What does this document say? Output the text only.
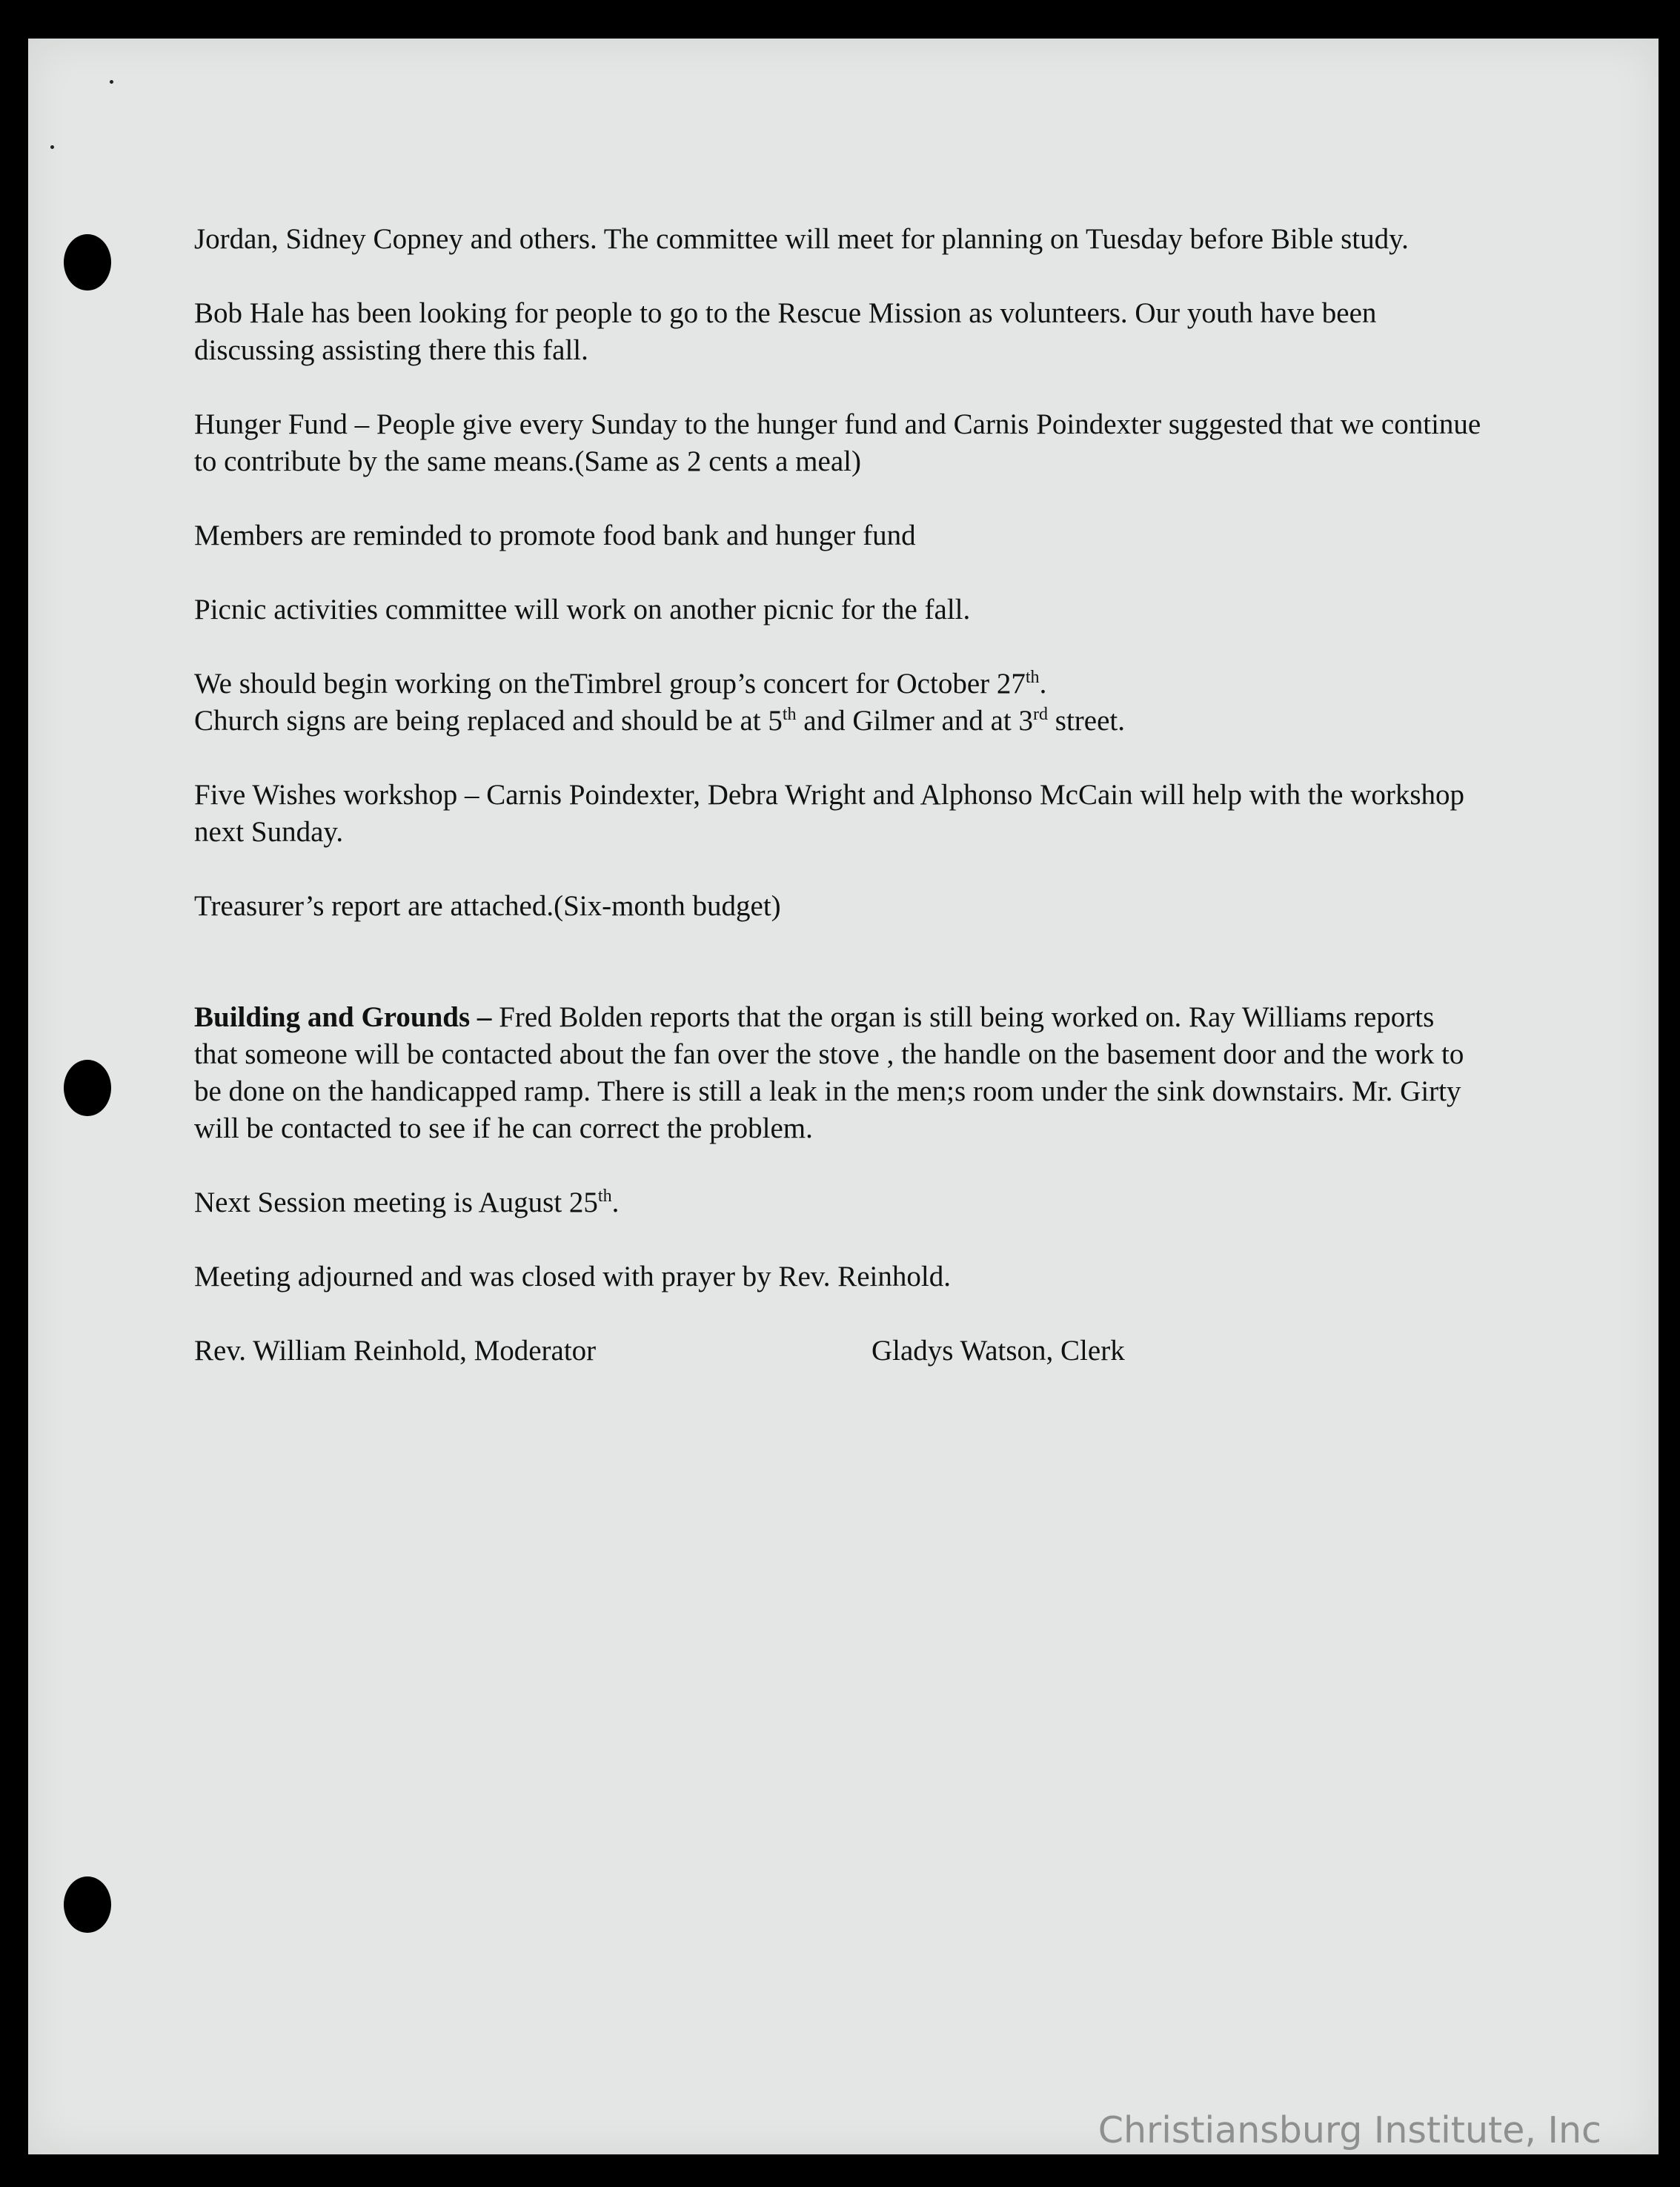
Jordan, Sidney Copney and others. The committee will meet for planning on Tuesday before Bible study.

Bob Hale has been looking for people to go to the Rescue Mission as volunteers. Our youth have been discussing assisting there this fall.

Hunger Fund – People give every Sunday to the hunger fund and Carnis Poindexter suggested that we continue to contribute by the same means.(Same as 2 cents a meal)

Members are reminded to promote food bank and hunger fund

Picnic activities committee will work on another picnic for the fall.

We should begin working on theTimbrel group’s concert for October 27th.
Church signs are being replaced and should be at 5th and Gilmer and at 3rd street.

Five Wishes workshop – Carnis Poindexter, Debra Wright and Alphonso McCain will help with the workshop next Sunday.

Treasurer’s report are attached.(Six-month budget)

Building and Grounds – Fred Bolden reports that the organ is still being worked on. Ray Williams reports that someone will be contacted about the fan over the stove , the handle on the basement door and the work to be done on the handicapped ramp. There is still a leak in the men;s room under the sink downstairs. Mr. Girty will be contacted to see if he can correct the problem.

Next Session meeting is August 25th.

Meeting adjourned and was closed with prayer by Rev. Reinhold.

Rev. William Reinhold, Moderator	Gladys Watson, Clerk
Christiansburg Institute, Inc
